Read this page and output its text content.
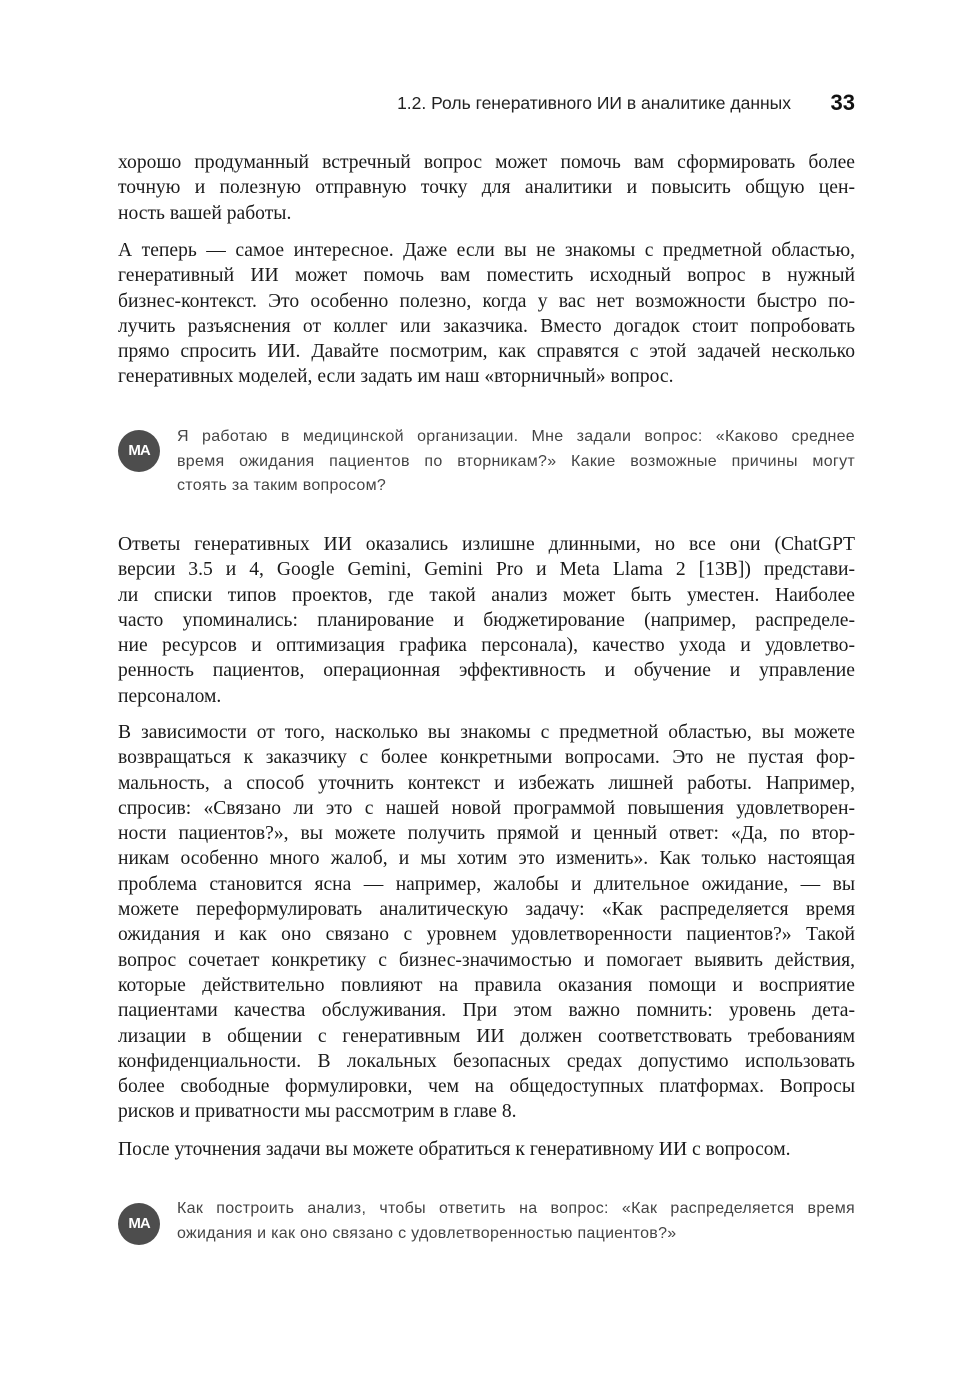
1.2. Роль генеративного ИИ в аналитике данных 33
хорошо продуманный встречный вопрос может помочь вам сформировать более
точную и полезную отправную точку для аналитики и повысить общую цен-
ность вашей работы.
А теперь — самое интересное. Даже если вы не знакомы с предметной областью,
генеративный ИИ может помочь вам поместить исходный вопрос в нужный
бизнес-контекст. Это особенно полезно, когда у вас нет возможности быстро по-
лучить разъяснения от коллег или заказчика. Вместо догадок стоит попробовать
прямо спросить ИИ. Давайте посмотрим, как справятся с этой задачей несколько
генеративных моделей, если задать им наш «вторничный» вопрос.
MA
Я работаю в медицинской организации. Мне задали вопрос: «Каково среднее
время ожидания пациентов по вторникам?» Какие возможные причины могут
стоять за таким вопросом?
Ответы генеративных ИИ оказались излишне длинными, но все они (ChatGPT
версии 3.5 и 4, Google Gemini, Gemini Pro и Meta Llama 2 [13B]) представи-
ли списки типов проектов, где такой анализ может быть уместен. Наиболее
часто упоминались: планирование и бюджетирование (например, распределе-
ние ресурсов и оптимизация графика персонала), качество ухода и удовлетво-
ренность пациентов, операционная эффективность и обучение и управление
персоналом.
В зависимости от того, насколько вы знакомы с предметной областью, вы можете
возвращаться к заказчику с более конкретными вопросами. Это не пустая фор-
мальность, а способ уточнить контекст и избежать лишней работы. Например,
спросив: «Связано ли это с нашей новой программой повышения удовлетворен-
ности пациентов?», вы можете получить прямой и ценный ответ: «Да, по втор-
никам особенно много жалоб, и мы хотим это изменить». Как только настоящая
проблема становится ясна — например, жалобы и длительное ожидание, — вы
можете переформулировать аналитическую задачу: «Как распределяется время
ожидания и как оно связано с уровнем удовлетворенности пациентов?» Такой
вопрос сочетает конкретику с бизнес-значимостью и помогает выявить действия,
которые действительно повлияют на правила оказания помощи и восприятие
пациентами качества обслуживания. При этом важно помнить: уровень дета-
лизации в общении с генеративным ИИ должен соответствовать требованиям
конфиденциальности. В локальных безопасных средах допустимо использовать
более свободные формулировки, чем на общедоступных платформах. Вопросы
рисков и приватности мы рассмотрим в главе 8.
После уточнения задачи вы можете обратиться к генеративному ИИ с вопросом.
MA
Как построить анализ, чтобы ответить на вопрос: «Как распределяется время
ожидания и как оно связано с удовлетворенностью пациентов?»
